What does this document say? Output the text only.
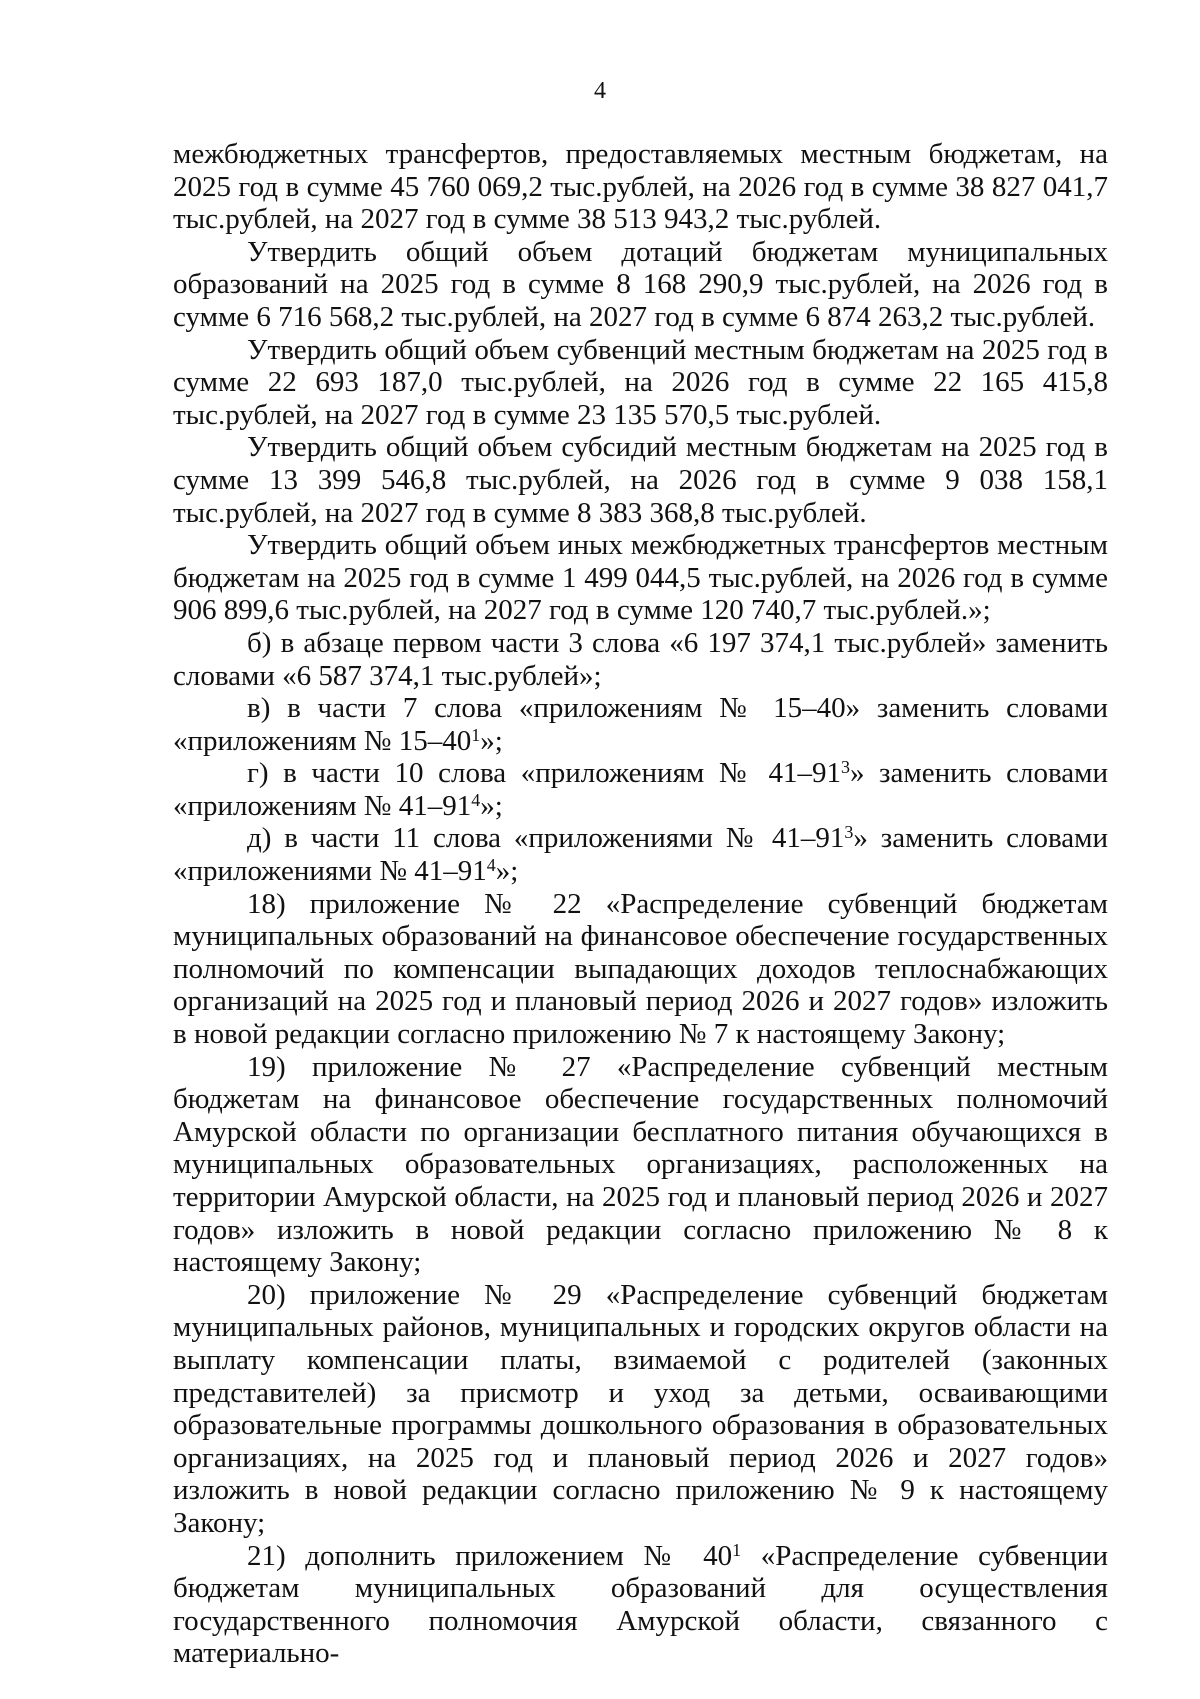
4

межбюджетных трансфертов, предоставляемых местным бюджетам, на 2025 год в сумме 45 760 069,2 тыс.рублей, на 2026 год в сумме 38 827 041,7 тыс.рублей, на 2027 год в сумме 38 513 943,2 тыс.рублей.

Утвердить общий объем дотаций бюджетам муниципальных образований на 2025 год в сумме 8 168 290,9 тыс.рублей, на 2026 год в сумме 6 716 568,2 тыс.рублей, на 2027 год в сумме 6 874 263,2 тыс.рублей.

Утвердить общий объем субвенций местным бюджетам на 2025 год в сумме 22 693 187,0 тыс.рублей, на 2026 год в сумме 22 165 415,8 тыс.рублей, на 2027 год в сумме 23 135 570,5 тыс.рублей.

Утвердить общий объем субсидий местным бюджетам на 2025 год в сумме 13 399 546,8 тыс.рублей, на 2026 год в сумме 9 038 158,1 тыс.рублей, на 2027 год в сумме 8 383 368,8 тыс.рублей.

Утвердить общий объем иных межбюджетных трансфертов местным бюджетам на 2025 год в сумме 1 499 044,5 тыс.рублей, на 2026 год в сумме 906 899,6 тыс.рублей, на 2027 год в сумме 120 740,7 тыс.рублей.»;

б) в абзаце первом части 3 слова «6 197 374,1 тыс.рублей» заменить словами «6 587 374,1 тыс.рублей»;

в) в части 7 слова «приложениям № 15–40» заменить словами «приложениям № $15-40^1$»;

г) в части 10 слова «приложениям № $41-91^3$» заменить словами «приложениям № $41-91^4$»;

д) в части 11 слова «приложениями № $41-91^3$» заменить словами «приложениями № $41-91^4$»;

18) приложение № 22 «Распределение субвенций бюджетам муниципальных образований на финансовое обеспечение государственных полномочий по компенсации выпадающих доходов теплоснабжающих организаций на 2025 год и плановый период 2026 и 2027 годов» изложить в новой редакции согласно приложению № 7 к настоящему Закону;

19) приложение № 27 «Распределение субвенций местным бюджетам на финансовое обеспечение государственных полномочий Амурской области по организации бесплатного питания обучающихся в муниципальных образовательных организациях, расположенных на территории Амурской области, на 2025 год и плановый период 2026 и 2027 годов» изложить в новой редакции согласно приложению № 8 к настоящему Закону;

20) приложение № 29 «Распределение субвенций бюджетам муниципальных районов, муниципальных и городских округов области на выплату компенсации платы, взимаемой с родителей (законных представителей) за присмотр и уход за детьми, осваивающими образовательные программы дошкольного образования в образовательных организациях, на 2025 год и плановый период 2026 и 2027 годов» изложить в новой редакции согласно приложению № 9 к настоящему Закону;

21) дополнить приложением № $40^1$ «Распределение субвенции бюджетам муниципальных образований для осуществления государственного полномочия Амурской области, связанного с материально-
